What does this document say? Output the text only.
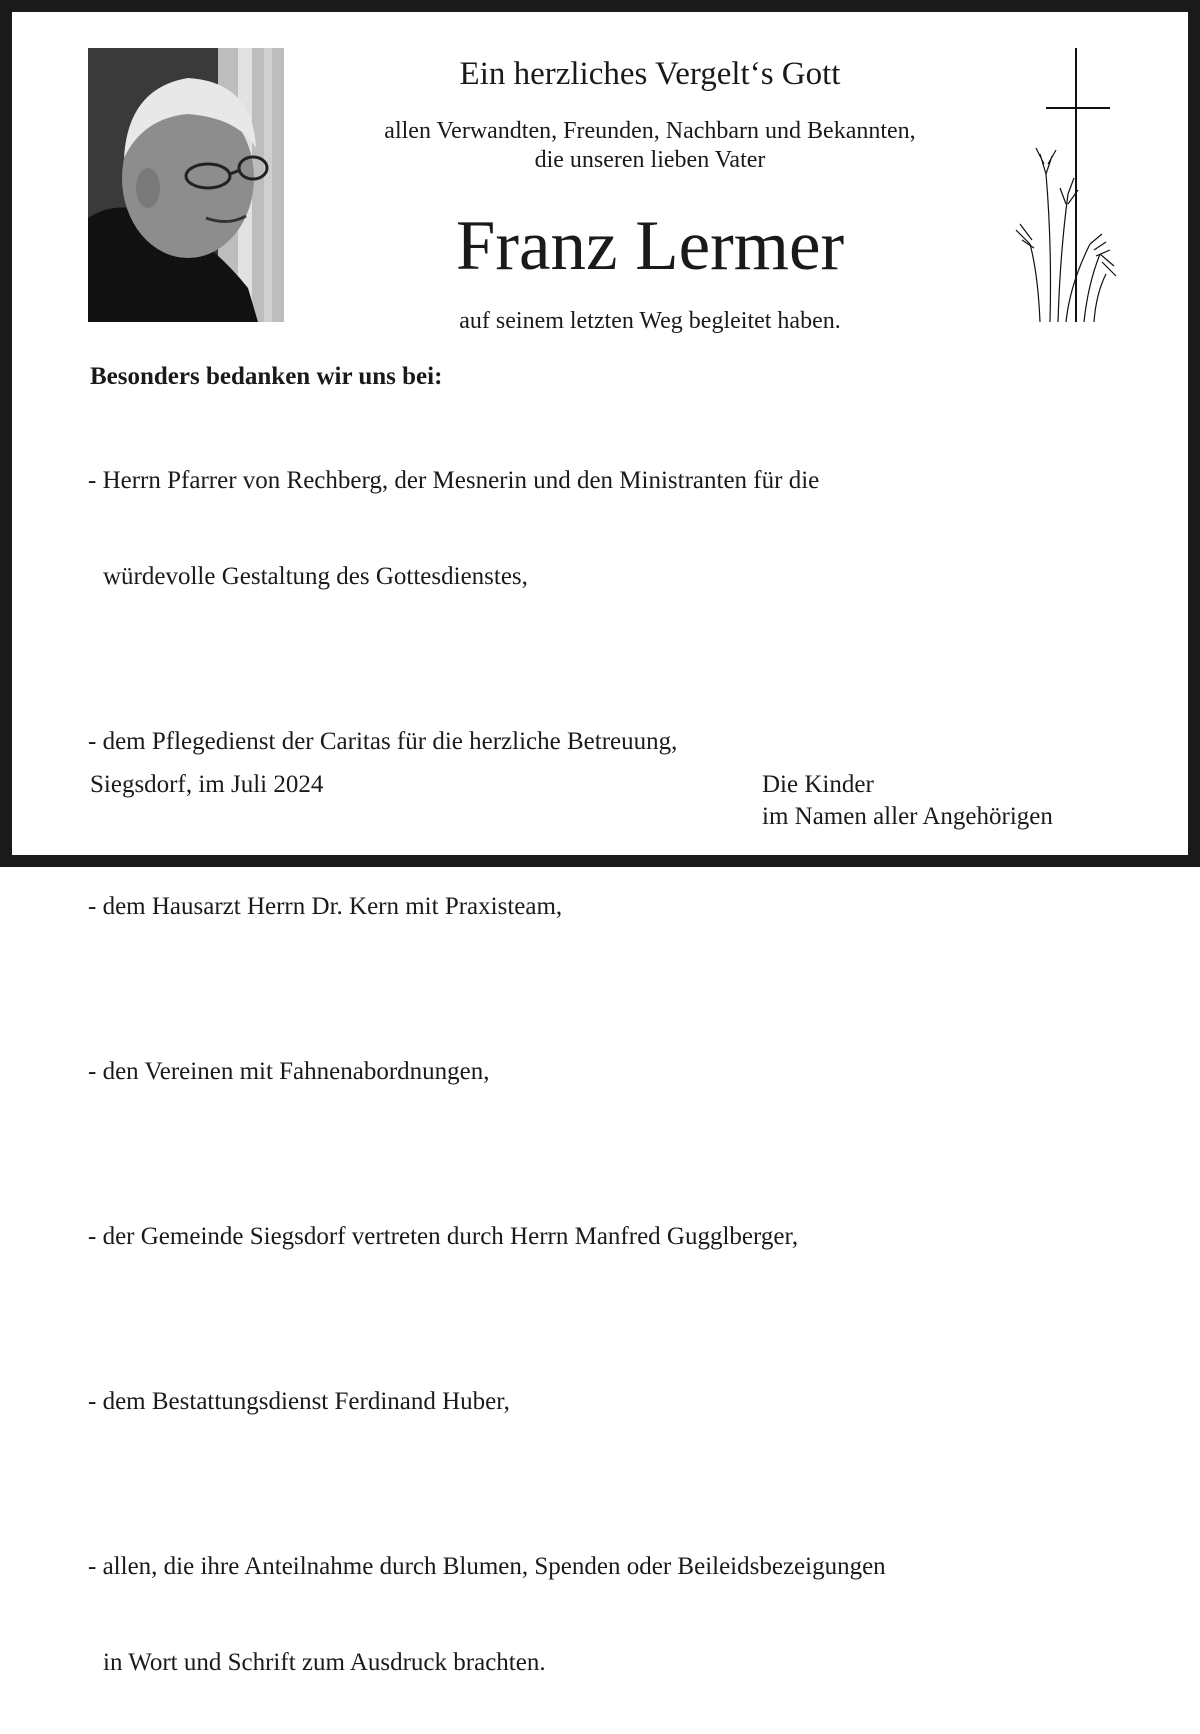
Ein herzliches Vergelt‘s Gott
allen Verwandten, Freunden, Nachbarn und Bekannten,
die unseren lieben Vater
Franz Lermer
auf seinem letzten Weg begleitet haben.
Besonders bedanken wir uns bei:

- Herrn Pfarrer von Rechberg, der Mesnerin und den Ministranten für die

würdevolle Gestaltung des Gottesdienstes,

- dem Pflegedienst der Caritas für die herzliche Betreuung,

- dem Hausarzt Herrn Dr. Kern mit Praxisteam,

- den Vereinen mit Fahnenabordnungen,

- der Gemeinde Siegsdorf vertreten durch Herrn Manfred Gugglberger,

- dem Bestattungsdienst Ferdinand Huber,

- allen, die ihre Anteilnahme durch Blumen, Spenden oder Beileidsbezeigungen

in Wort und Schrift zum Ausdruck brachten.

Siegsdorf, im Juli 2024	Die Kinder
im Namen aller Angehörigen
